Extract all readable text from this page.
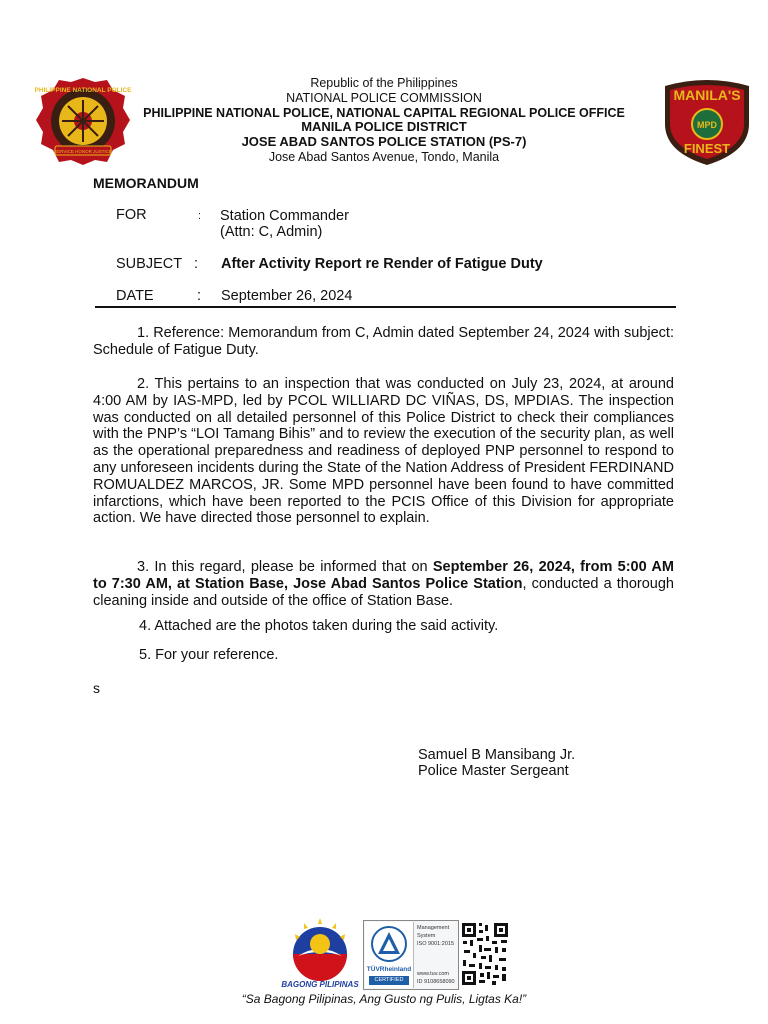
PHILIPPINE NATIONAL POLICE
SERVICE HONOR JUSTICE
MPD
MANILA'S
FINEST
Republic of the Philippines
NATIONAL POLICE COMMISSION
PHILIPPINE NATIONAL POLICE, NATIONAL CAPITAL REGIONAL POLICE OFFICE
MANILA POLICE DISTRICT
JOSE ABAD SANTOS POLICE STATION (PS-7)
Jose Abad Santos Avenue, Tondo, Manila
MEMORANDUM
FOR	: Station Commander
(Attn: C, Admin)
SUBJECT : After Activity Report re Render of Fatigue Duty
DATE	: September 26, 2024
1. Reference: Memorandum from C, Admin dated September 24, 2024 with subject: Schedule of Fatigue Duty.
2. This pertains to an inspection that was conducted on July 23, 2024, at around 4:00 AM by IAS-MPD, led by PCOL WILLIARD DC VIÑAS, DS, MPDIAS. The inspection was conducted on all detailed personnel of this Police District to check their compliances with the PNP’s “LOI Tamang Bihis” and to review the execution of the security plan, as well as the operational preparedness and readiness of deployed PNP personnel to respond to any unforeseen incidents during the State of the Nation Address of President FERDINAND ROMUALDEZ MARCOS, JR. Some MPD personnel have been found to have committed infarctions, which have been reported to the PCIS Office of this Division for appropriate action. We have directed those personnel to explain.
3. In this regard, please be informed that on September 26, 2024, from 5:00 AM to 7:30 AM, at Station Base, Jose Abad Santos Police Station, conducted a thorough cleaning inside and outside of the office of Station Base.
4. Attached are the photos taken during the said activity.
5. For your reference.
s
Samuel B Mansibang Jr.
Police Master Sergeant
BAGONG PILIPINAS
TÜVRheinland
CERTIFIED
Management
System
ISO 9001:2015
www.tuv.com
ID 9108658090
“Sa Bagong Pilipinas, Ang Gusto ng Pulis, Ligtas Ka!”
